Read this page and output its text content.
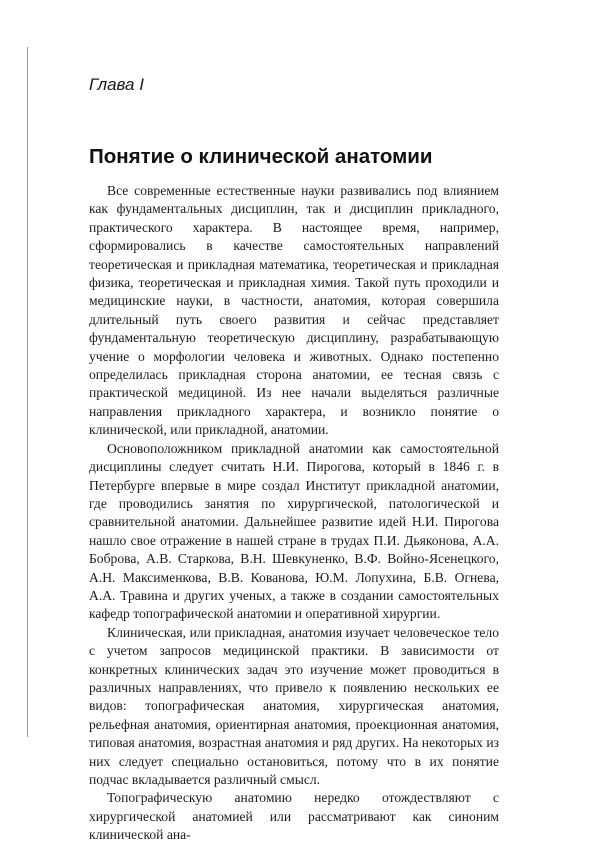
Глава I
Понятие о клинической анатомии

Все современные естественные науки развивались под влиянием как фундаментальных дисциплин, так и дисциплин прикладного, практического характера. В настоящее время, например, сформировались в качестве самостоятельных направлений теоретическая и прикладная математика, теоретическая и прикладная физика, теоретическая и прикладная химия. Такой путь проходили и медицинские науки, в частности, анатомия, которая совершила длительный путь своего развития и сейчас представляет фундаментальную теоретическую дисциплину, разрабатывающую учение о морфологии человека и животных. Однако постепенно определилась прикладная сторона анатомии, ее тесная связь с практической медициной. Из нее начали выделяться различные направления прикладного характера, и возникло понятие о клинической, или прикладной, анатомии.

Основоположником прикладной анатомии как самостоятельной дисциплины следует считать Н.И. Пирогова, который в 1846 г. в Петербурге впервые в мире создал Институт прикладной анатомии, где проводились занятия по хирургической, патологической и сравнительной анатомии. Дальнейшее развитие идей Н.И. Пирогова нашло свое отражение в нашей стране в трудах П.И. Дьяконова, А.А. Боброва, А.В. Старкова, В.Н. Шевкуненко, В.Ф. Войно-Ясенецкого, А.Н. Максименкова, В.В. Кованова, Ю.М. Лопухина, Б.В. Огнева, А.А. Травина и других ученых, а также в создании самостоятельных кафедр топографической анатомии и оперативной хирургии.

Клиническая, или прикладная, анатомия изучает человеческое тело с учетом запросов медицинской практики. В зависимости от конкретных клинических задач это изучение может проводиться в различных направлениях, что привело к появлению нескольких ее видов: топографическая анатомия, хирургическая анатомия, рельефная анатомия, ориентирная анатомия, проекционная анатомия, типовая анатомия, возрастная анатомия и ряд других. На некоторых из них следует специально остановиться, потому что в их понятие подчас вкладывается различный смысл.

Топографическую анатомию нередко отождествляют с хирургической анатомией или рассматривают как синоним клинической ана-
